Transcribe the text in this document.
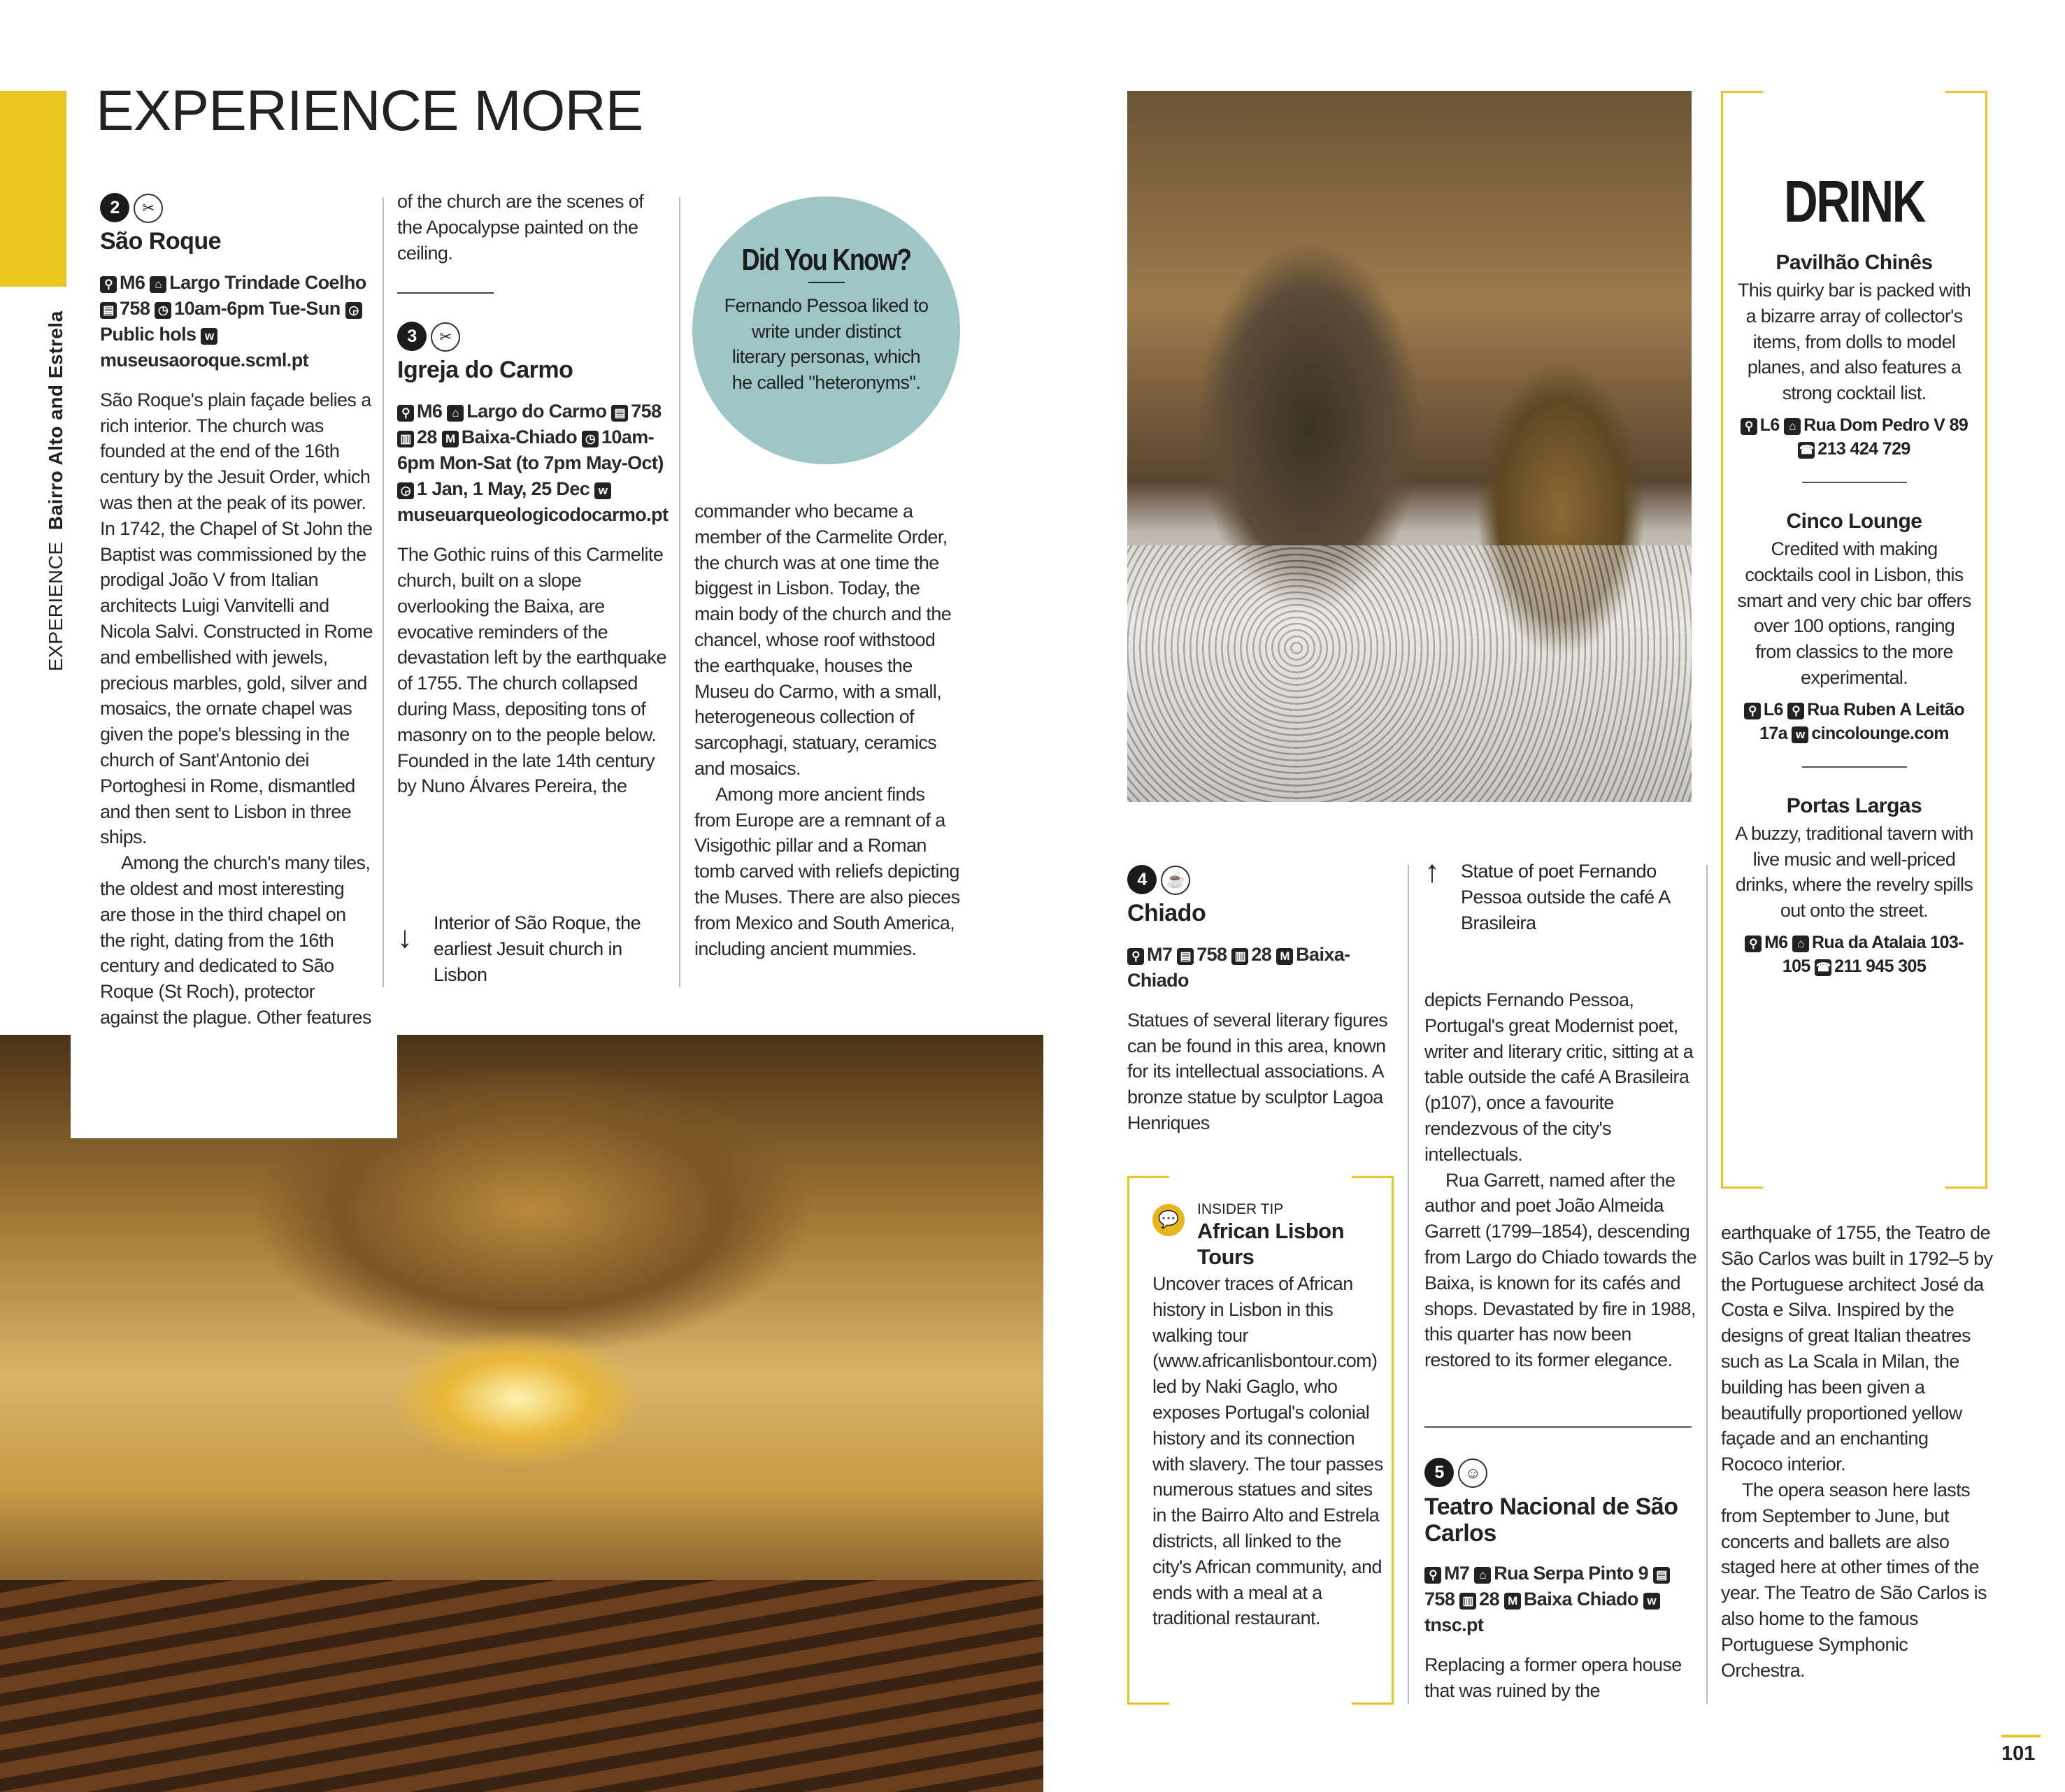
EXPERIENCE Bairro Alto and Estrela
EXPERIENCE MORE
2 ✂
São Roque
⚲ M6 ⌂ Largo Trindade Coelho ▤ 758 ◷ 10am-6pm Tue-Sun ◶Public hols wmuseusaoroque.scml.pt

São Roque's plain façade belies a rich interior. The church was founded at the end of the 16th century by the Jesuit Order, which was then at the peak of its power. In 1742, the Chapel of St John the Baptist was commissioned by the prodigal João V from Italian architects Luigi Vanvitelli and Nicola Salvi. Constructed in Rome and embellished with jewels, precious marbles, gold, silver and mosaics, the ornate chapel was given the pope's blessing in the church of Sant'Antonio dei Portoghesi in Rome, dismantled and then sent to Lisbon in three ships.

Among the church's many tiles, the oldest and most interesting are those in the third chapel on the right, dating from the 16th century and dedicated to São Roque (St Roch), protector against the plague. Other features

of the church are the scenes of the Apocalypse painted on the ceiling.

3 ✂
Igreja do Carmo
⚲ M6 ⌂ Largo do Carmo ▤ 758 ▥ 28 M Baixa-Chiado ◷ 10am-6pm Mon-Sat (to 7pm May-Oct) ◶ 1 Jan, 1 May, 25 Dec wmuseuarqueologicodocarmo.pt

The Gothic ruins of this Carmelite church, built on a slope overlooking the Baixa, are evocative reminders of the devastation left by the earthquake of 1755. The church collapsed during Mass, depositing tons of masonry on to the people below. Founded in the late 14th century by Nuno Álvares Pereira, the

↓ Interior of São Roque, the earliest Jesuit church in Lisbon
Did You Know?
Fernando Pessoa liked to write under distinct literary personas, which he called "heteronyms".

commander who became a member of the Carmelite Order, the church was at one time the biggest in Lisbon. Today, the main body of the church and the chancel, whose roof withstood the earthquake, houses the Museu do Carmo, with a small, heterogeneous collection of sarcophagi, statuary, ceramics and mosaics.

Among more ancient finds from Europe are a remnant of a Visigothic pillar and a Roman tomb carved with reliefs depicting the Muses. There are also pieces from Mexico and South America, including ancient mummies.

4 ☕
Chiado
⚲ M7 ▤ 758 ▥ 28 M Baixa-Chiado

Statues of several literary figures can be found in this area, known for its intellectual associations. A bronze statue by sculptor Lagoa Henriques

💬
INSIDER TIP
African Lisbon Tours
Uncover traces of African history in Lisbon in this walking tour (www.africanlisbontour.com) led by Naki Gaglo, who exposes Portugal's colonial history and its connection with slavery. The tour passes numerous statues and sites in the Bairro Alto and Estrela districts, all linked to the city's African community, and ends with a meal at a traditional restaurant.
↑ Statue of poet Fernando Pessoa outside the café A Brasileira

depicts Fernando Pessoa, Portugal's great Modernist poet, writer and literary critic, sitting at a table outside the café A Brasileira (p107), once a favourite rendezvous of the city's intellectuals.

Rua Garrett, named after the author and poet João Almeida Garrett (1799–1854), descending from Largo do Chiado towards the Baixa, is known for its cafés and shops. Devastated by fire in 1988, this quarter has now been restored to its former elegance.

5 ☺
Teatro Nacional de São Carlos
⚲ M7 ⌂ Rua Serpa Pinto 9 ▤758 ▥ 28 M Baixa Chiado wtnsc.pt

Replacing a former opera house that was ruined by the

DRINK
Pavilhão Chinês
This quirky bar is packed with a bizarre array of collector's items, from dolls to model planes, and also features a strong cocktail list.
⚲ L6 ⌂ Rua Dom Pedro V 89 ☎ 213 424 729
Cinco Lounge
Credited with making cocktails cool in Lisbon, this smart and very chic bar offers over 100 options, ranging from classics to the more experimental.
⚲ L6 ⚲ Rua Ruben A Leitão 17a w cincolounge.com
Portas Largas
A buzzy, traditional tavern with live music and well-priced drinks, where the revelry spills out onto the street.
⚲ M6 ⌂ Rua da Atalaia 103-105 ☎ 211 945 305

earthquake of 1755, the Teatro de São Carlos was built in 1792–5 by the Portuguese architect José da Costa e Silva. Inspired by the designs of great Italian theatres such as La Scala in Milan, the building has been given a beautifully proportioned yellow façade and an enchanting Rococo interior.

The opera season here lasts from September to June, but concerts and ballets are also staged here at other times of the year. The Teatro de São Carlos is also home to the famous Portuguese Symphonic Orchestra.

101
